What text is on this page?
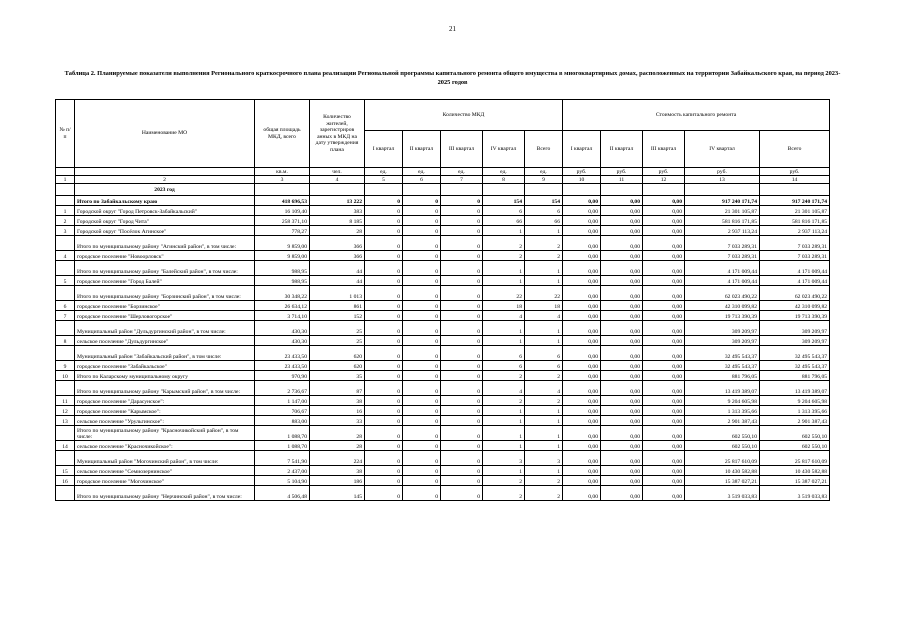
21
Таблица 2. Планируемые показатели выполнения Регионального краткосрочного плана реализации Региональной программы капитального ремонта общего имущества в многоквартирных домах, расположенных на территории Забайкальского края, на период 2023-2025 годов
№ п/п	Наименование МО	общая площадь МКД, всего	Количество жителей, зарегистриров анных в МКД на дату утверждения плана	Количество МКД					Стоимость капитального ремонта				
				I квартал	II квартал	III квартал	IV квартал	Всего	I квартал	II квартал	III квартал	IV квартал	Всего
		кв.м.	чел.	ед.	ед.	ед.	ед.	ед.	руб.	руб.	руб.	руб.	руб.
1	2	3	4	5	6	7	8	9	10	11	12	13	14
	2023 год												
	Итого по Забайкальскому краю	418 696,53	13 222	0	0	0	154	154	0,00	0,00	0,00	917 240 171,74	917 240 171,74
1	Городской округ "Город Петровск-Забайкальский"	16 109,40	383	0	0	0	6	6	0,00	0,00	0,00	21 301 105,87	21 301 105,87
2	Городской округ "Город Чита"	258 371,10	8 185	0	0	0	66	66	0,00	0,00	0,00	581 816 171,85	581 816 171,85
3	Городской округ "Посёлок Агинское"	778,27	28	0	0	0	1	1	0,00	0,00	0,00	2 937 113,24	2 937 113,24
	Итого по муниципальному району "Агинский район", в том числе:	9 859,00	366	0	0	0	2	2	0,00	0,00	0,00	7 033 289,31	7 033 289,31
4	городское поселение "Новоорловск"	9 859,00	366	0	0	0	2	2	0,00	0,00	0,00	7 033 289,31	7 033 289,31
	Итого по муниципальному району "Балейский район", в том числе:	988,95	44	0	0	0	1	1	0,00	0,00	0,00	4 171 009,44	4 171 009,44
5	городское поселение "Город Балей"	988,95	44	0	0	0	1	1	0,00	0,00	0,00	4 171 009,44	4 171 009,44
	Итого по муниципальному району "Борзинский район", в том числе:	30 348,22	1 013	0	0	0	22	22	0,00	0,00	0,00	62 023 490,22	62 023 490,22
6	городское поселение "Борзинское"	26 634,12	861	0	0	0	18	18	0,00	0,00	0,00	42 310 099,82	42 310 099,82
7	городское поселение "Шерловогорское"	3 714,10	152	0	0	0	4	4	0,00	0,00	0,00	19 713 390,39	19 713 390,39
	Муниципальный район "Дульдургинский район", в том числе:	430,30	25	0	0	0	1	1	0,00	0,00	0,00	309 209,97	309 209,97
8	сельское поселение "Дульдургинское"	430,30	25	0	0	0	1	1	0,00	0,00	0,00	309 209,97	309 209,97
	Муниципальный район "Забайкальский район", в том числе:	23 433,50	620	0	0	0	6	6	0,00	0,00	0,00	32 495 543,37	32 495 543,37
9	городское поселение "Забайкальское"	23 433,50	620	0	0	0	6	6	0,00	0,00	0,00	32 495 543,37	32 495 543,37
10	Итого по Каларскому муниципальному округу	970,90	35	0	0	0	2	2	0,00	0,00	0,00	881 796,05	881 796,05
	Итого по муниципальному району "Карымский район", в том числе:	2 736,67	87	0	0	0	4	4	0,00	0,00	0,00	13 419 389,07	13 419 389,07
11	городское поселение "Дарасунское":	1 147,00	38	0	0	0	2	2	0,00	0,00	0,00	9 204 605,98	9 204 605,98
12	городское поселение "Карымское":	706,67	16	0	0	0	1	1	0,00	0,00	0,00	1 313 395,66	1 313 395,66
13	сельское поселение "Урульгинское":	883,00	33	0	0	0	1	1	0,00	0,00	0,00	2 901 387,43	2 901 387,43
	Итого по муниципальному району "Красночикойский район", в том числе:	1 088,70	28	0	0	0	1	1	0,00	0,00	0,00	602 550,10	602 550,10
14	сельское поселение "Красночикойское":	1 088,70	28	0	0	0	1	1	0,00	0,00	0,00	602 550,10	602 550,10
	Муниципальный район "Могочинский район", в том числе:	7 541,90	224	0	0	0	3	3	0,00	0,00	0,00	25 817 610,09	25 817 610,09
15	сельское поселение "Семиозернинское"	2 437,00	38	0	0	0	1	1	0,00	0,00	0,00	10 430 582,88	10 430 582,88
16	городское поселение "Могочинское"	5 104,90	186	0	0	0	2	2	0,00	0,00	0,00	15 387 027,21	15 387 027,21
	Итого по муниципальному району "Нерчинский район", в том числе:	4 506,48	145	0	0	0	2	2	0,00	0,00	0,00	3 519 033,83	3 519 033,83
